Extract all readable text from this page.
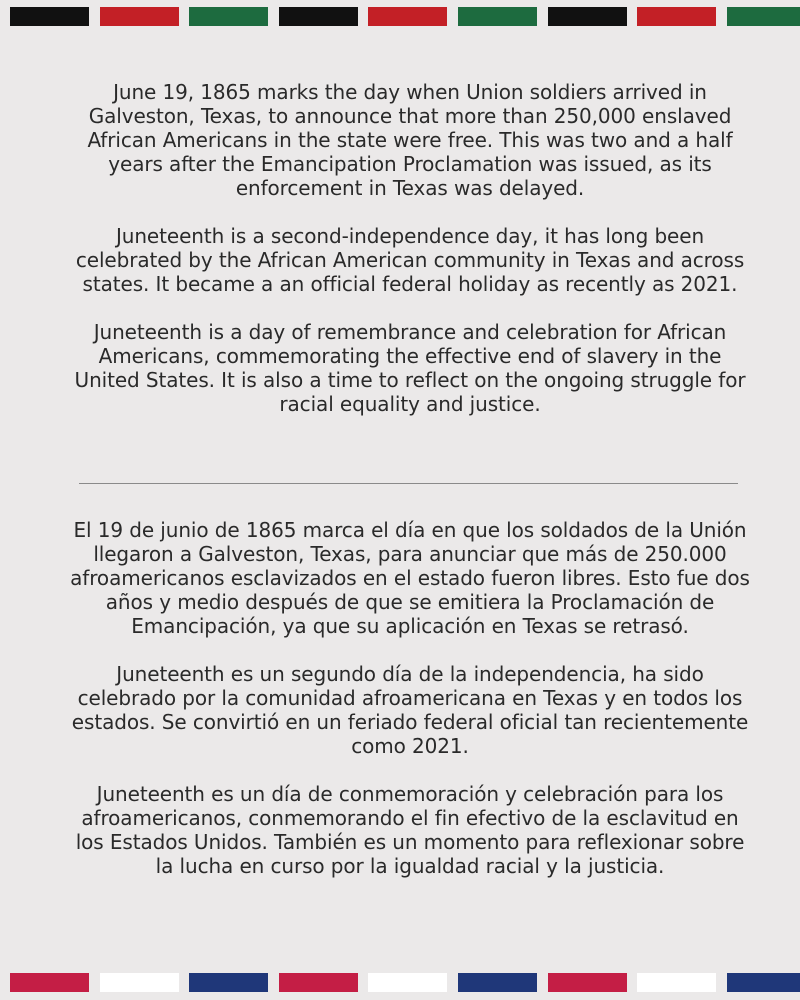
June 19, 1865 marks the day when Union soldiers arrived in Galveston, Texas, to announce that more than 250,000 enslaved African Americans in the state were free. This was two and a half years after the Emancipation Proclamation was issued, as its enforcement in Texas was delayed.

Juneteenth is a second-independence day, it has long been celebrated by the African American community in Texas and across states. It became a an official federal holiday as recently as 2021.

Juneteenth is a day of remembrance and celebration for African Americans, commemorating the effective end of slavery in the United States. It is also a time to reflect on the ongoing struggle for racial equality and justice.

El 19 de junio de 1865 marca el día en que los soldados de la Unión llegaron a Galveston, Texas, para anunciar que más de 250.000 afroamericanos esclavizados en el estado fueron libres. Esto fue dos años y medio después de que se emitiera la Proclamación de Emancipación, ya que su aplicación en Texas se retrasó.

Juneteenth es un segundo día de la independencia, ha sido celebrado por la comunidad afroamericana en Texas y en todos los estados. Se convirtió en un feriado federal oficial tan recientemente como 2021.

Juneteenth es un día de conmemoración y celebración para los afroamericanos, conmemorando el fin efectivo de la esclavitud en los Estados Unidos. También es un momento para reflexionar sobre la lucha en curso por la igualdad racial y la justicia.
